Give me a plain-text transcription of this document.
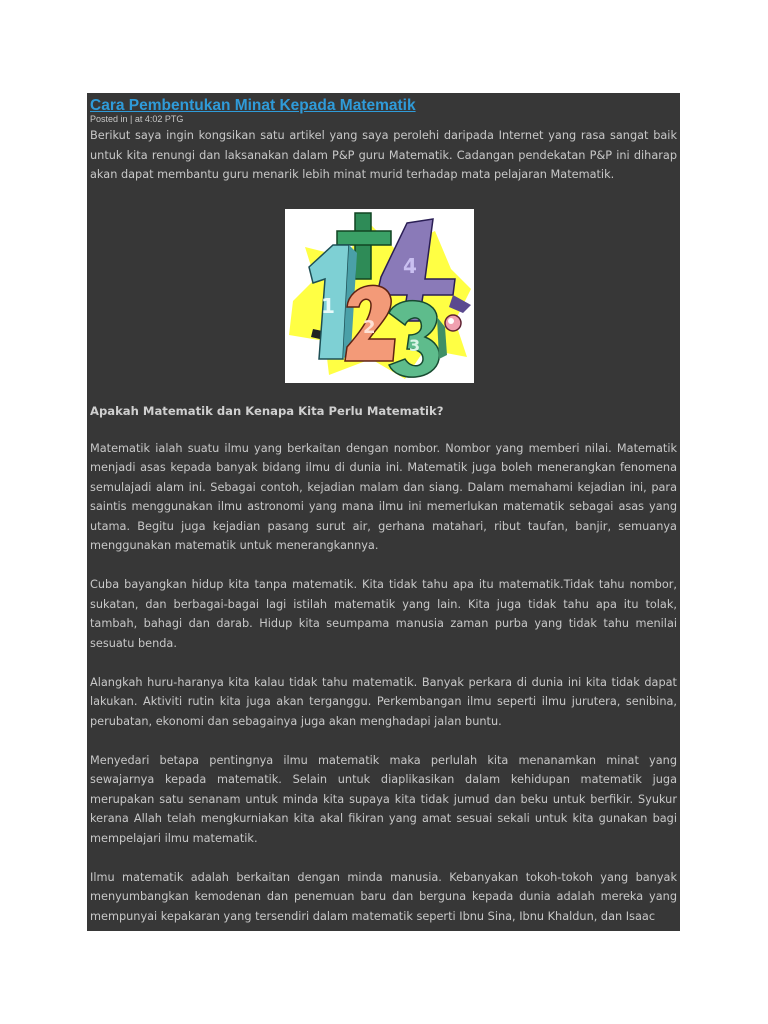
Cara Pembentukan Minat Kepada Matematik
Posted in | at 4:02 PTG

Berikut saya ingin kongsikan satu artikel yang saya perolehi daripada Internet yang rasa sangat baik untuk kita renungi dan laksanakan dalam P&P guru Matematik. Cadangan pendekatan P&P ini diharap akan dapat membantu guru menarik lebih minat murid terhadap mata pelajaran Matematik.

4
1
2
3
Apakah Matematik dan Kenapa Kita Perlu Matematik?

Matematik ialah suatu ilmu yang berkaitan dengan nombor. Nombor yang memberi nilai. Matematik menjadi asas kepada banyak bidang ilmu di dunia ini. Matematik juga boleh menerangkan fenomena semulajadi alam ini. Sebagai contoh, kejadian malam dan siang. Dalam memahami kejadian ini, para saintis menggunakan ilmu astronomi yang mana ilmu ini memerlukan matematik sebagai asas yang utama. Begitu juga kejadian pasang surut air, gerhana matahari, ribut taufan, banjir, semuanya menggunakan matematik untuk menerangkannya.

Cuba bayangkan hidup kita tanpa matematik. Kita tidak tahu apa itu matematik.Tidak tahu nombor, sukatan, dan berbagai-bagai lagi istilah matematik yang lain. Kita juga tidak tahu apa itu tolak, tambah, bahagi dan darab. Hidup kita seumpama manusia zaman purba yang tidak tahu menilai sesuatu benda.

Alangkah huru-haranya kita kalau tidak tahu matematik. Banyak perkara di dunia ini kita tidak dapat lakukan. Aktiviti rutin kita juga akan terganggu. Perkembangan ilmu seperti ilmu jurutera, senibina, perubatan, ekonomi dan sebagainya juga akan menghadapi jalan buntu.

Menyedari betapa pentingnya ilmu matematik maka perlulah kita menanamkan minat yang sewajarnya kepada matematik. Selain untuk diaplikasikan dalam kehidupan matematik juga merupakan satu senanam untuk minda kita supaya kita tidak jumud dan beku untuk berfikir. Syukur kerana Allah telah mengkurniakan kita akal fikiran yang amat sesuai sekali untuk kita gunakan bagi mempelajari ilmu matematik.

Ilmu matematik adalah berkaitan dengan minda manusia. Kebanyakan tokoh-tokoh yang banyak menyumbangkan kemodenan dan penemuan baru dan berguna kepada dunia adalah mereka yang mempunyai kepakaran yang tersendiri dalam matematik seperti Ibnu Sina, Ibnu Khaldun, dan Isaac
